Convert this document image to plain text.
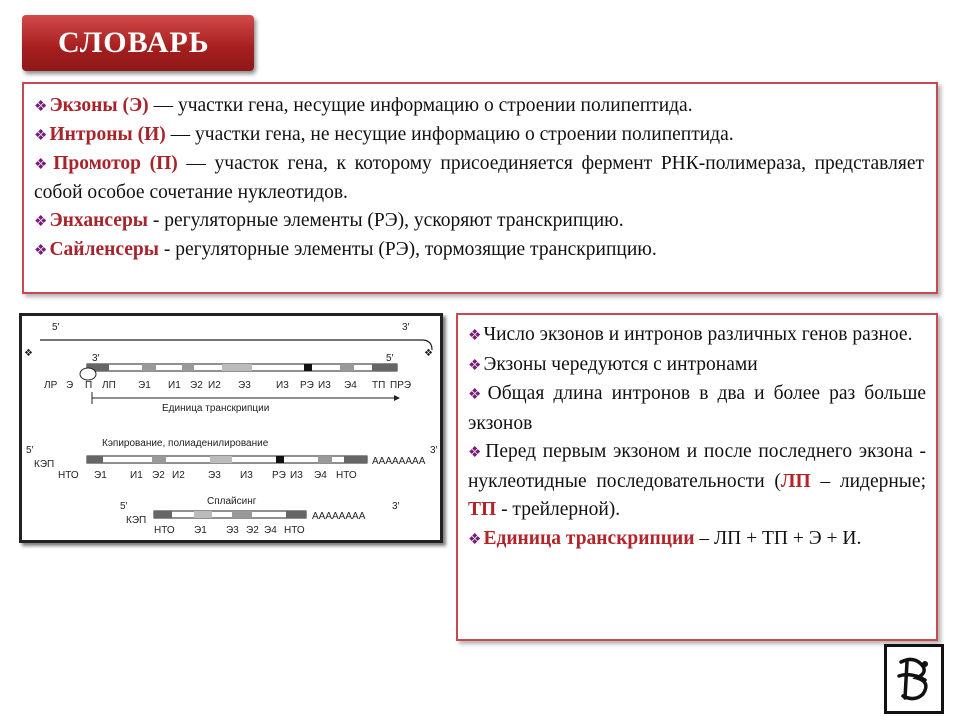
СЛОВАРЬ

❖ Экзоны (Э) — участки гена, несущие информацию о строении полипептида.

❖ Интроны (И) — участки гена, не несущие информацию о строении полипептида.

❖ Промотор (П) — участок гена, к которому присоединяется фермент РНК-полимераза, представляет собой особое сочетание нуклеотидов.

❖ Энхансеры - регуляторные элементы (РЭ), ускоряют транскрипцию.

❖ Сайленсеры - регуляторные элементы (РЭ), тормозящие транскрипцию.

5′	3′
❖	❖
3′	5′
ЛР Э П ЛП Э1 И1 Э2 И2 Э3	И3 РЭ И3 Э4 ТП ПРЭ
Единица транскрипции
Кэпирование, полиаденилирование
5′	3′
КЭП	АААААААА
НТО Э1 И1 Э2 И2 Э3 И3 РЭ И3 Э4 НТО
Сплайсинг
5′	3′
КЭП	АААААААА
НТО Э1 Э3 Э2 Э4 НТО

❖ Число экзонов и интронов различных генов разное.

❖ Экзоны чередуются с интронами

❖ Общая длина интронов в два и более раз больше экзонов

❖ Перед первым экзоном и после последнего экзона - нуклеотидные последовательности (ЛП – лидерные; ТП - трейлерной).

❖ Единица транскрипции – ЛП + ТП + Э + И.
